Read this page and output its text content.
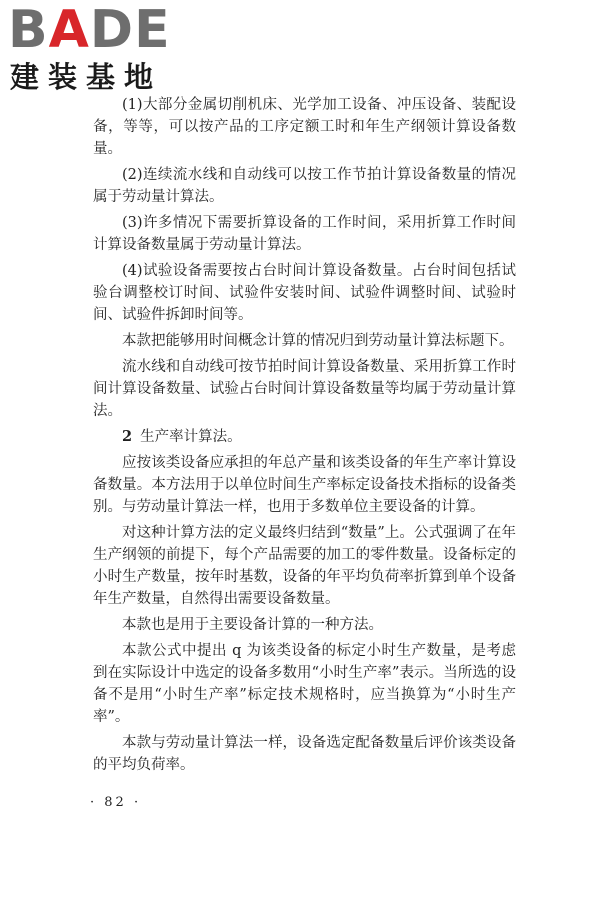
BADE
建装基地

(1)大部分金属切削机床、光学加工设备、冲压设备、装配设备，等等，可以按产品的工序定额工时和年生产纲领计算设备数量。

(2)连续流水线和自动线可以按工作节拍计算设备数量的情况属于劳动量计算法。

(3)许多情况下需要折算设备的工作时间，采用折算工作时间计算设备数量属于劳动量计算法。

(4)试验设备需要按占台时间计算设备数量。占台时间包括试验台调整校订时间、试验件安装时间、试验件调整时间、试验时间、试验件拆卸时间等。

本款把能够用时间概念计算的情况归到劳动量计算法标题下。

流水线和自动线可按节拍时间计算设备数量、采用折算工作时间计算设备数量、试验占台时间计算设备数量等均属于劳动量计算法。

2 生产率计算法。

应按该类设备应承担的年总产量和该类设备的年生产率计算设备数量。本方法用于以单位时间生产率标定设备技术指标的设备类别。与劳动量计算法一样，也用于多数单位主要设备的计算。

对这种计算方法的定义最终归结到“数量”上。公式强调了在年生产纲领的前提下，每个产品需要的加工的零件数量。设备标定的小时生产数量，按年时基数，设备的年平均负荷率折算到单个设备年生产数量，自然得出需要设备数量。

本款也是用于主要设备计算的一种方法。

本款公式中提出 q 为该类设备的标定小时生产数量，是考虑到在实际设计中选定的设备多数用“小时生产率”表示。当所选的设备不是用“小时生产率”标定技术规格时，应当换算为“小时生产率”。

本款与劳动量计算法一样，设备选定配备数量后评价该类设备的平均负荷率。

· 82 ·
